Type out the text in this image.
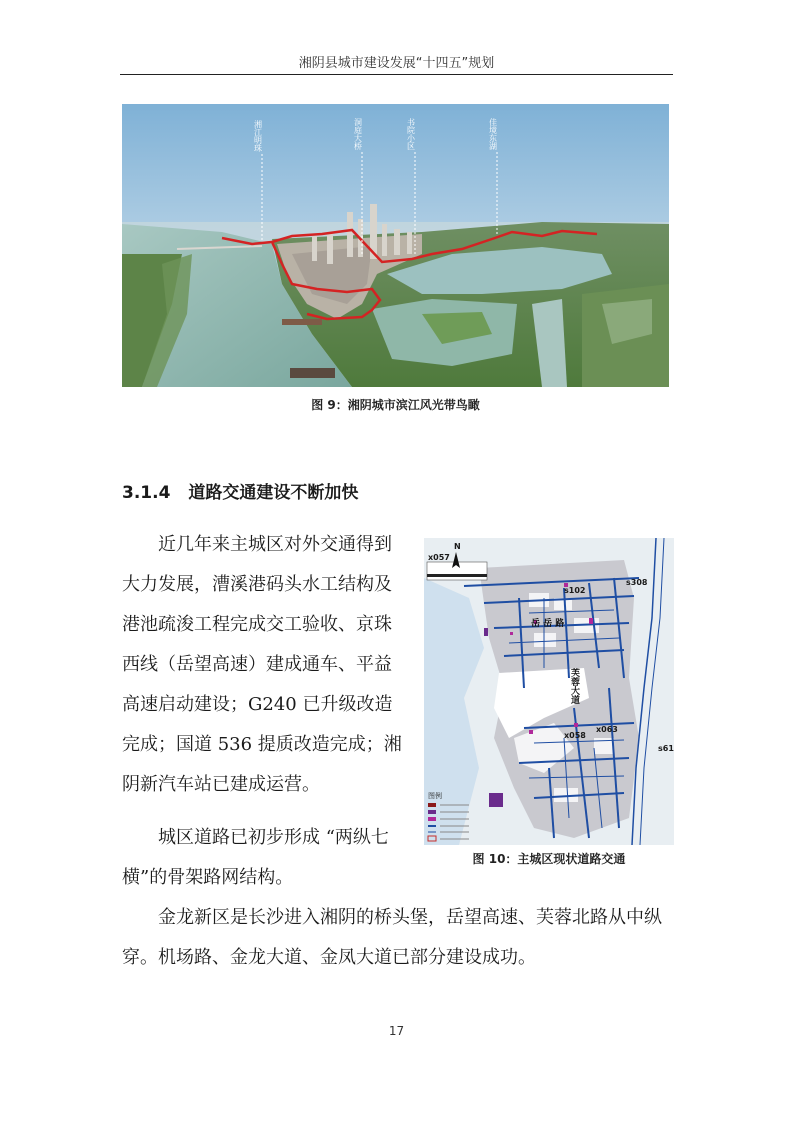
湘阴县城市建设发展“十四五”规划
湘江明珠	洞庭大桥	书院小区	佳境东湖
图 9：湘阴城市滨江风光带鸟瞰
3.1.4 道路交通建设不断加快
近几年来主城区对外交通得到大力发展，漕溪港码头水工结构及港池疏浚工程完成交工验收、京珠西线（岳望高速）建成通车、平益高速启动建设；G240 已升级改造完成；国道 536 提质改造完成；湘阴新汽车站已建成运营。
城区道路已初步形成 “两纵七横”的骨架路网结构。
金龙新区是长沙进入湘阴的桥头堡，岳望高速、芙蓉北路从中纵穿。机场路、金龙大道、金凤大道已部分建设成功。
N
x057
s308
s102
岳 岳 路
芙蓉大道
x058
x063
s61
图例
图 10：主城区现状道路交通
17
